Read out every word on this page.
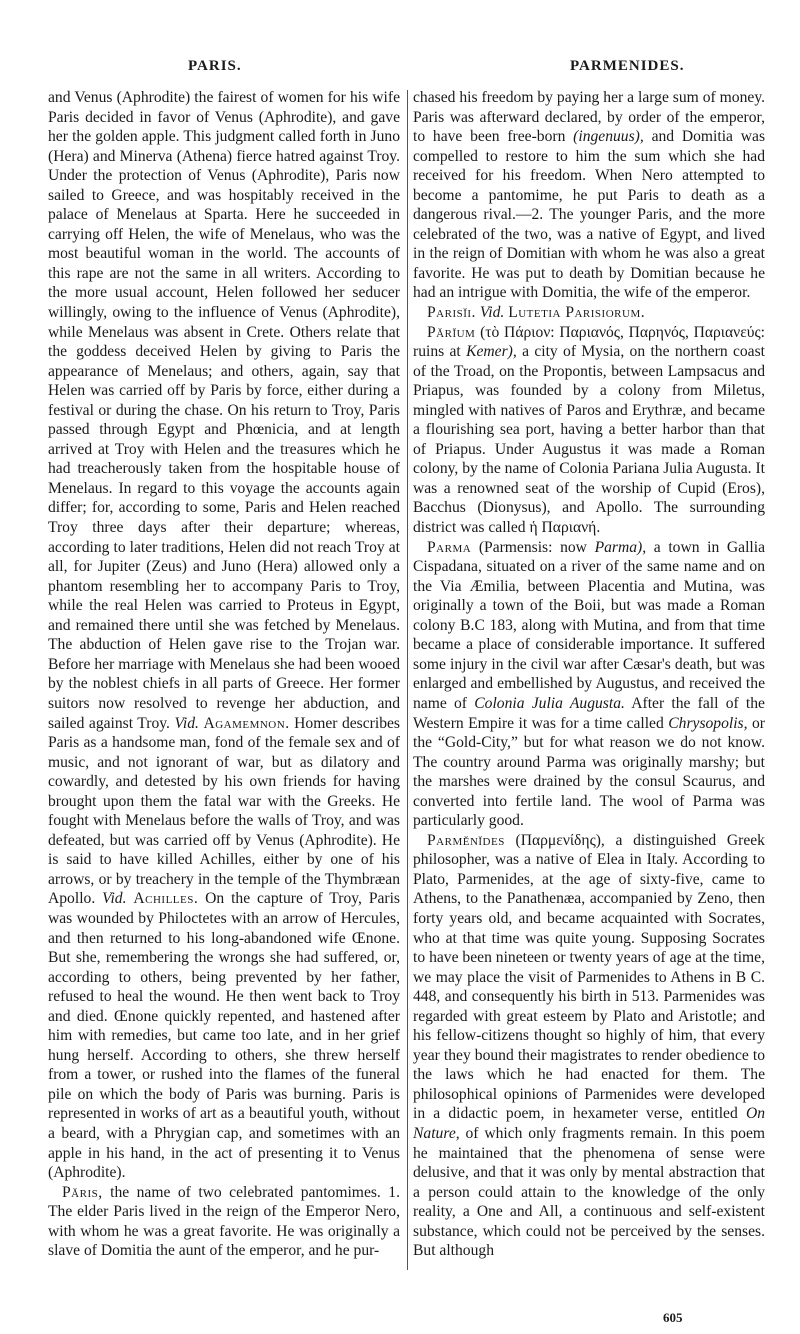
PARIS.	PARMENIDES.

and Venus (Aphrodite) the fairest of women for his wife Paris decided in favor of Venus (Aphrodite), and gave her the golden apple. This judgment called forth in Juno (Hera) and Minerva (Athena) fierce hatred against Troy. Under the protection of Venus (Aphrodite), Paris now sailed to Greece, and was hospitably received in the palace of Menelaus at Sparta. Here he succeeded in carrying off Helen, the wife of Menelaus, who was the most beautiful woman in the world. The accounts of this rape are not the same in all writers. According to the more usual account, Helen followed her seducer willingly, owing to the influence of Venus (Aphrodite), while Menelaus was absent in Crete. Others relate that the goddess deceived Helen by giving to Paris the appearance of Menelaus; and others, again, say that Helen was carried off by Paris by force, either during a festival or during the chase. On his return to Troy, Paris passed through Egypt and Phœnicia, and at length arrived at Troy with Helen and the treasures which he had treacherously taken from the hospitable house of Menelaus. In regard to this voyage the accounts again differ; for, according to some, Paris and Helen reached Troy three days after their departure; whereas, according to later traditions, Helen did not reach Troy at all, for Jupiter (Zeus) and Juno (Hera) allowed only a phantom resembling her to accompany Paris to Troy, while the real Helen was carried to Proteus in Egypt, and remained there until she was fetched by Menelaus. The abduction of Helen gave rise to the Trojan war. Before her marriage with Menelaus she had been wooed by the noblest chiefs in all parts of Greece. Her former suitors now resolved to revenge her abduction, and sailed against Troy. Vid. Agamemnon. Homer describes Paris as a handsome man, fond of the female sex and of music, and not ignorant of war, but as dilatory and cowardly, and detested by his own friends for having brought upon them the fatal war with the Greeks. He fought with Menelaus before the walls of Troy, and was defeated, but was carried off by Venus (Aphrodite). He is said to have killed Achilles, either by one of his arrows, or by treachery in the temple of the Thymbræan Apollo. Vid. Achilles. On the capture of Troy, Paris was wounded by Philoctetes with an arrow of Hercules, and then returned to his long-abandoned wife Œnone. But she, remembering the wrongs she had suffered, or, according to others, being prevented by her father, refused to heal the wound. He then went back to Troy and died. Œnone quickly repented, and hastened after him with remedies, but came too late, and in her grief hung herself. According to others, she threw herself from a tower, or rushed into the flames of the funeral pile on which the body of Paris was burning. Paris is represented in works of art as a beautiful youth, without a beard, with a Phrygian cap, and sometimes with an apple in his hand, in the act of presenting it to Venus (Aphrodite).

Păris, the name of two celebrated pantomimes. 1. The elder Paris lived in the reign of the Emperor Nero, with whom he was a great favorite. He was originally a slave of Domitia the aunt of the emperor, and he pur-

chased his freedom by paying her a large sum of money. Paris was afterward declared, by order of the emperor, to have been free-born (ingenuus), and Domitia was compelled to restore to him the sum which she had received for his freedom. When Nero attempted to become a pantomime, he put Paris to death as a dangerous rival.—2. The younger Paris, and the more celebrated of the two, was a native of Egypt, and lived in the reign of Domitian with whom he was also a great favorite. He was put to death by Domitian because he had an intrigue with Domitia, the wife of the emperor.

Parisĭi. Vid. Lutetia Parisiorum.

Părĭum (τὸ Πάριον: Παριανός, Παρηνός, Παριανεύς: ruins at Kemer), a city of Mysia, on the northern coast of the Troad, on the Propontis, between Lampsacus and Priapus, was founded by a colony from Miletus, mingled with natives of Paros and Erythræ, and became a flourishing sea port, having a better harbor than that of Priapus. Under Augustus it was made a Roman colony, by the name of Colonia Pariana Julia Augusta. It was a renowned seat of the worship of Cupid (Eros), Bacchus (Dionysus), and Apollo. The surrounding district was called ἡ Παριανή.

Parma (Parmensis: now Parma), a town in Gallia Cispadana, situated on a river of the same name and on the Via Æmilia, between Placentia and Mutina, was originally a town of the Boii, but was made a Roman colony B.C 183, along with Mutina, and from that time became a place of considerable importance. It suffered some injury in the civil war after Cæsar's death, but was enlarged and embellished by Augustus, and received the name of Colonia Julia Augusta. After the fall of the Western Empire it was for a time called Chrysopolis, or the “Gold-City,” but for what reason we do not know. The country around Parma was originally marshy; but the marshes were drained by the consul Scaurus, and converted into fertile land. The wool of Parma was particularly good.

Parmĕnĭdes (Παρμενίδης), a distinguished Greek philosopher, was a native of Elea in Italy. According to Plato, Parmenides, at the age of sixty-five, came to Athens, to the Panathenæa, accompanied by Zeno, then forty years old, and became acquainted with Socrates, who at that time was quite young. Supposing Socrates to have been nineteen or twenty years of age at the time, we may place the visit of Parmenides to Athens in B C. 448, and consequently his birth in 513. Parmenides was regarded with great esteem by Plato and Aristotle; and his fellow-citizens thought so highly of him, that every year they bound their magistrates to render obedience to the laws which he had enacted for them. The philosophical opinions of Parmenides were developed in a didactic poem, in hexameter verse, entitled On Nature, of which only fragments remain. In this poem he maintained that the phenomena of sense were delusive, and that it was only by mental abstraction that a person could attain to the knowledge of the only reality, a One and All, a continuous and self-existent substance, which could not be perceived by the senses. But although

605
